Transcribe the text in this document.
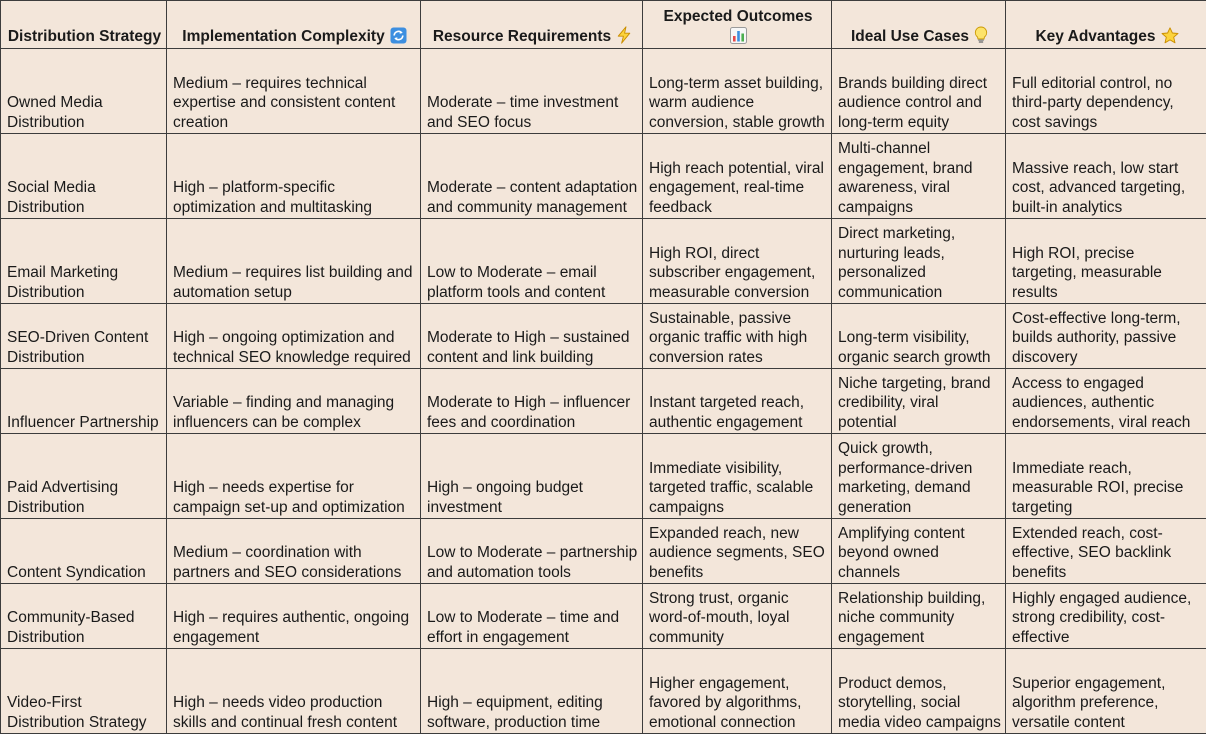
Distribution Strategy	Implementation Complexity	Resource Requirements	Expected Outcomes	Ideal Use Cases	Key Advantages

Owned Media Distribution	Medium – requires technical expertise and consistent content creation	Moderate – time investment and SEO focus	Long-term asset building, warm audience conversion, stable growth	Brands building direct audience control and long-term equity	Full editorial control, no third-party dependency, cost savings
Social Media Distribution	High – platform-specific optimization and multitasking	Moderate – content adaptation and community management	High reach potential, viral engagement, real-time feedback	Multi-channel engagement, brand awareness, viral campaigns	Massive reach, low start cost, advanced targeting, built-in analytics
Email Marketing Distribution	Medium – requires list building and automation setup	Low to Moderate – email platform tools and content	High ROI, direct subscriber engagement, measurable conversion	Direct marketing, nurturing leads, personalized communication	High ROI, precise targeting, measurable results
SEO-Driven Content Distribution	High – ongoing optimization and technical SEO knowledge required	Moderate to High – sustained content and link building	Sustainable, passive organic traffic with high conversion rates	Long-term visibility, organic search growth	Cost-effective long-term, builds authority, passive discovery
Influencer Partnership	Variable – finding and managing influencers can be complex	Moderate to High – influencer fees and coordination	Instant targeted reach, authentic engagement	Niche targeting, brand credibility, viral potential	Access to engaged audiences, authentic endorsements, viral reach
Paid Advertising Distribution	High – needs expertise for campaign set-up and optimization	High – ongoing budget investment	Immediate visibility, targeted traffic, scalable campaigns	Quick growth, performance-driven marketing, demand generation	Immediate reach, measurable ROI, precise targeting
Content Syndication	Medium – coordination with partners and SEO considerations	Low to Moderate – partnership and automation tools	Expanded reach, new audience segments, SEO benefits	Amplifying content beyond owned channels	Extended reach, cost-effective, SEO backlink benefits
Community-Based Distribution	High – requires authentic, ongoing engagement	Low to Moderate – time and effort in engagement	Strong trust, organic word-of-mouth, loyal community	Relationship building, niche community engagement	Highly engaged audience, strong credibility, cost-effective
Video-First Distribution Strategy	High – needs video production skills and continual fresh content	High – equipment, editing software, production time	Higher engagement, favored by algorithms, emotional connection	Product demos, storytelling, social media video campaigns	Superior engagement, algorithm preference, versatile content
